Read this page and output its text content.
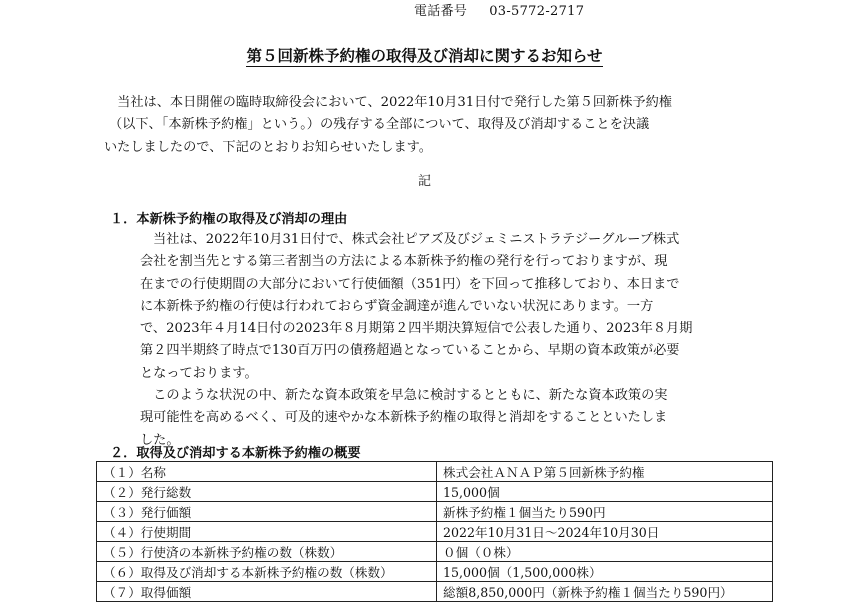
電話番号 03-5772-2717
第５回新株予約権の取得及び消却に関するお知らせ
　当社は、本日開催の臨時取締役会において、2022年10月31日付で発行した第５回新株予約権
（以下、「本新株予約権」という。）の残存する全部について、取得及び消却することを決議
いたしましたので、下記のとおりお知らせいたします。
記
１．本新株予約権の取得及び消却の理由
当社は、2022年10月31日付で、株式会社ピアズ及びジェミニストラテジーグループ株式
会社を割当先とする第三者割当の方法による本新株予約権の発行を行っておりますが、現
在までの行使期間の大部分において行使価額（351円）を下回って推移しており、本日まで
に本新株予約権の行使は行われておらず資金調達が進んでいない状況にあります。一方
で、2023年４月14日付の2023年８月期第２四半期決算短信で公表した通り、2023年８月期
第２四半期終了時点で130百万円の債務超過となっていることから、早期の資本政策が必要
となっております。
　このような状況の中、新たな資本政策を早急に検討するとともに、新たな資本政策の実
現可能性を高めるべく、可及的速やかな本新株予約権の取得と消却をすることといたしま
した。
２．取得及び消却する本新株予約権の概要
（１）名称	株式会社ＡＮＡＰ第５回新株予約権
（２）発行総数	15,000個
（３）発行価額	新株予約権１個当たり590円
（４）行使期間	2022年10月31日～2024年10月30日
（５）行使済の本新株予約権の数（株数）	０個（０株）
（６）取得及び消却する本新株予約権の数（株数）	15,000個（1,500,000株）
（７）取得価額	総額8,850,000円（新株予約権１個当たり590円）
